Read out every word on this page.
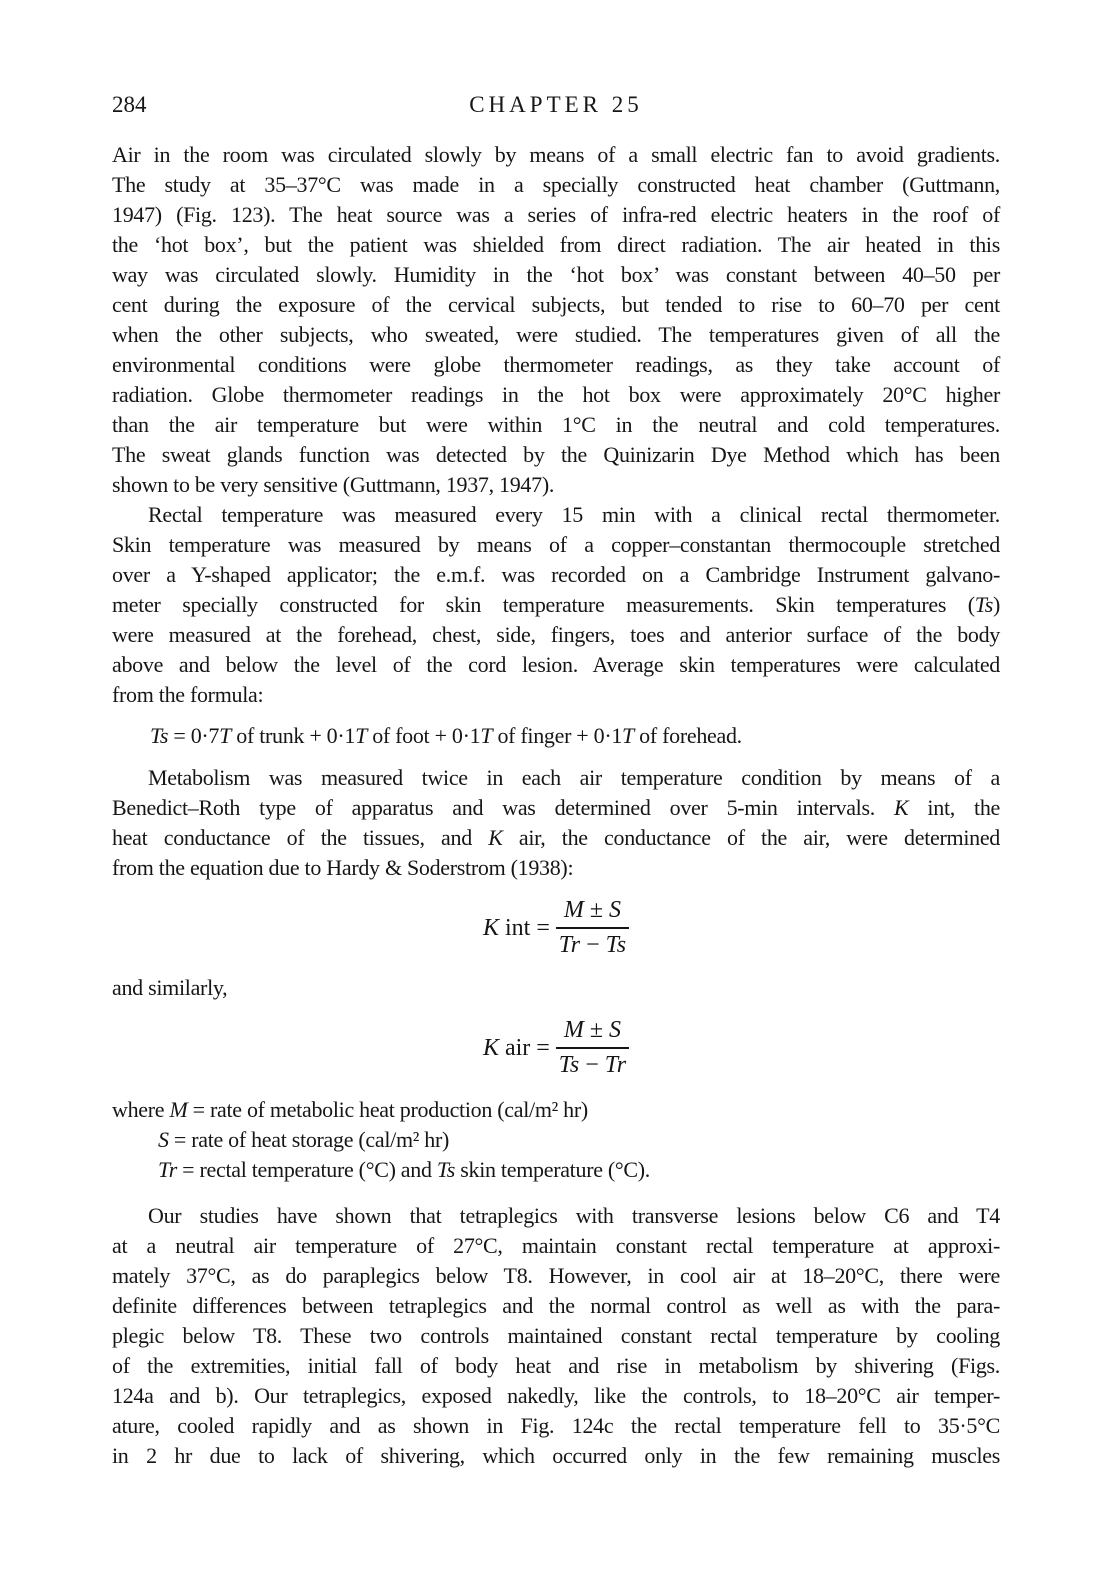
284	CHAPTER 25
Air in the room was circulated slowly by means of a small electric fan to avoid gradients.
The study at 35–37°C was made in a specially constructed heat chamber (Guttmann,
1947) (Fig. 123). The heat source was a series of infra-red electric heaters in the roof of
the ‘hot box’, but the patient was shielded from direct radiation. The air heated in this
way was circulated slowly. Humidity in the ‘hot box’ was constant between 40–50 per
cent during the exposure of the cervical subjects, but tended to rise to 60–70 per cent
when the other subjects, who sweated, were studied. The temperatures given of all the
environmental conditions were globe thermometer readings, as they take account of
radiation. Globe thermometer readings in the hot box were approximately 20°C higher
than the air temperature but were within 1°C in the neutral and cold temperatures.
The sweat glands function was detected by the Quinizarin Dye Method which has been
shown to be very sensitive (Guttmann, 1937, 1947).
Rectal temperature was measured every 15 min with a clinical rectal thermometer.
Skin temperature was measured by means of a copper–constantan thermocouple stretched
over a Y-shaped applicator; the e.m.f. was recorded on a Cambridge Instrument galvano-
meter specially constructed for skin temperature measurements. Skin temperatures (Ts)
were measured at the forehead, chest, side, fingers, toes and anterior surface of the body
above and below the level of the cord lesion. Average skin temperatures were calculated
from the formula:
Ts = 0·7T of trunk + 0·1T of foot + 0·1T of finger + 0·1T of forehead.
Metabolism was measured twice in each air temperature condition by means of a
Benedict–Roth type of apparatus and was determined over 5-min intervals. K int, the
heat conductance of the tissues, and K air, the conductance of the air, were determined
from the equation due to Hardy & Soderstrom (1938):
K int = $\frac{M \pm S}{Tr - Ts}$
and similarly,
K air = $\frac{M \pm S}{Ts - Tr}$
where M = rate of metabolic heat production (cal/m² hr)
S = rate of heat storage (cal/m² hr)
Tr = rectal temperature (°C) and Ts skin temperature (°C).
Our studies have shown that tetraplegics with transverse lesions below C6 and T4
at a neutral air temperature of 27°C, maintain constant rectal temperature at approxi-
mately 37°C, as do paraplegics below T8. However, in cool air at 18–20°C, there were
definite differences between tetraplegics and the normal control as well as with the para-
plegic below T8. These two controls maintained constant rectal temperature by cooling
of the extremities, initial fall of body heat and rise in metabolism by shivering (Figs.
124a and b). Our tetraplegics, exposed nakedly, like the controls, to 18–20°C air temper-
ature, cooled rapidly and as shown in Fig. 124c the rectal temperature fell to 35·5°C
in 2 hr due to lack of shivering, which occurred only in the few remaining muscles
